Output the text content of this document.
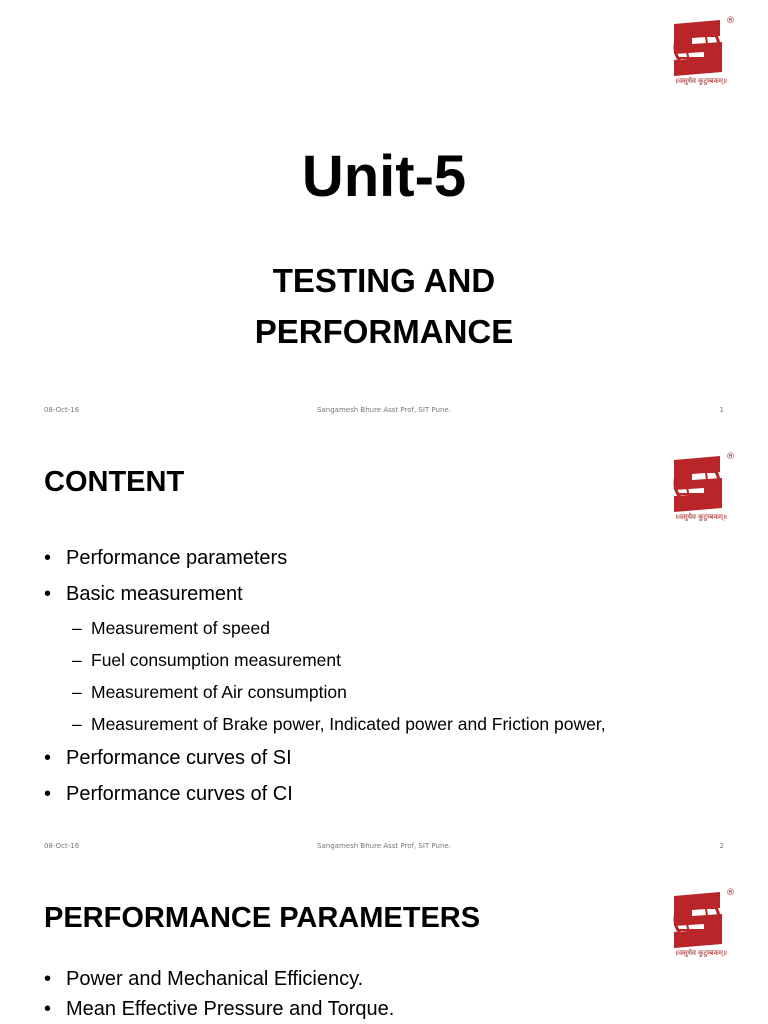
®
॥वसुधैव कुटुम्बकम्॥
Unit-5
TESTING AND
PERFORMANCE
08-Oct-16	Sangamesh Bhure Asst Prof, SIT Pune.	1
®
॥वसुधैव कुटुम्बकम्॥
CONTENT
• Performance parameters
• Basic measurement
– Measurement of speed
– Fuel consumption measurement
– Measurement of Air consumption
– Measurement of Brake power, Indicated power and Friction power,
• Performance curves of SI
• Performance curves of CI
08-Oct-16	Sangamesh Bhure Asst Prof, SIT Pune.	2
®
॥वसुधैव कुटुम्बकम्॥
PERFORMANCE PARAMETERS
• Power and Mechanical Efficiency.
• Mean Effective Pressure and Torque.
